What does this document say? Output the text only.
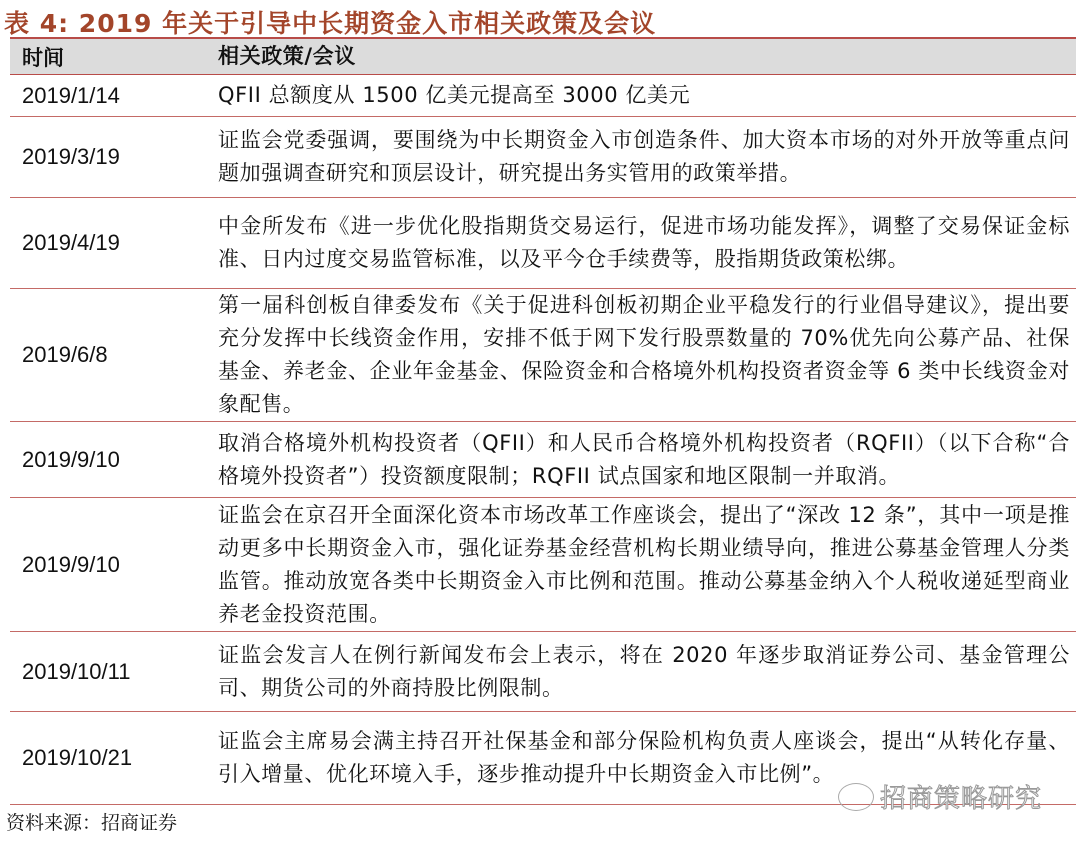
表 4: 2019 年关于引导中长期资金入市相关政策及会议
时间	相关政策/会议
2019/1/14	QFII 总额度从 1500 亿美元提高至 3000 亿美元
2019/3/19
证监会党委强调，要围绕为中长期资金入市创造条件、加大资本市场的对外开放等重点问题加强调查研究和顶层设计，研究提出务实管用的政策举措。
2019/4/19
中金所发布《进一步优化股指期货交易运行，促进市场功能发挥》，调整了交易保证金标准、日内过度交易监管标准，以及平今仓手续费等，股指期货政策松绑。
2019/6/8
第一届科创板自律委发布《关于促进科创板初期企业平稳发行的行业倡导建议》，提出要充分发挥中长线资金作用，安排不低于网下发行股票数量的 70%优先向公募产品、社保基金、养老金、企业年金基金、保险资金和合格境外机构投资者资金等 6 类中长线资金对象配售。
2019/9/10
取消合格境外机构投资者（QFII）和人民币合格境外机构投资者（RQFII）（以下合称“合格境外投资者”）投资额度限制；RQFII 试点国家和地区限制一并取消。
2019/9/10
证监会在京召开全面深化资本市场改革工作座谈会，提出了“深改 12 条”，其中一项是推动更多中长期资金入市，强化证券基金经营机构长期业绩导向，推进公募基金管理人分类监管。推动放宽各类中长期资金入市比例和范围。推动公募基金纳入个人税收递延型商业养老金投资范围。
2019/10/11
证监会发言人在例行新闻发布会上表示，将在 2020 年逐步取消证券公司、基金管理公司、期货公司的外商持股比例限制。
2019/10/21
证监会主席易会满主持召开社保基金和部分保险机构负责人座谈会，提出“从转化存量、引入增量、优化环境入手，逐步推动提升中长期资金入市比例”。
招商策略研究
资料来源：招商证券
